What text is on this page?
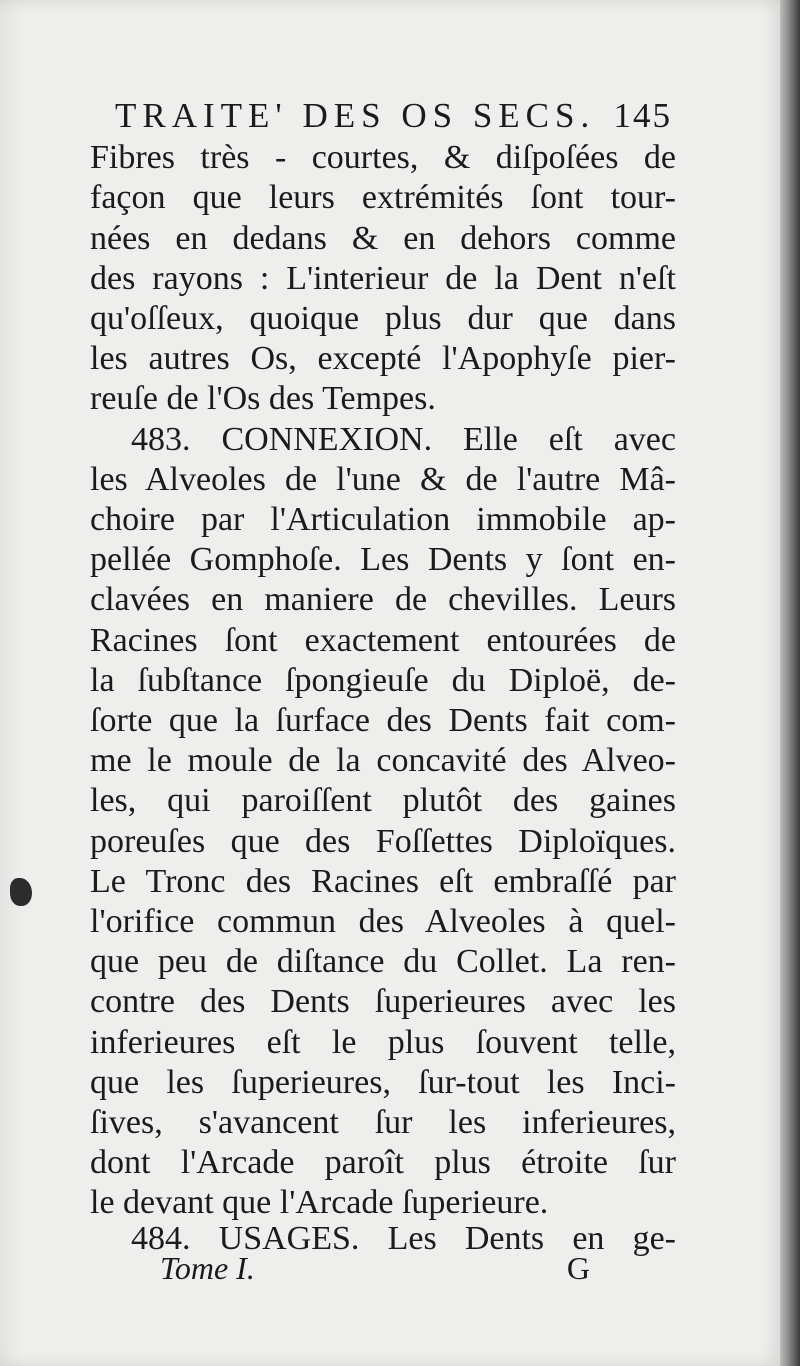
TRAITE' DES OS SECS. 145
Fibres très - courtes, & diſpoſées de
façon que leurs extrémités ſont tour-
nées en dedans & en dehors comme
des rayons : L'interieur de la Dent n'eſt
qu'oſſeux, quoique plus dur que dans
les autres Os, excepté l'Apophyſe pier-
reuſe de l'Os des Tempes.
483. CONNEXION. Elle eſt avec
les Alveoles de l'une & de l'autre Mâ-
choire par l'Articulation immobile ap-
pellée Gomphoſe. Les Dents y ſont en-
clavées en maniere de chevilles. Leurs
Racines ſont exactement entourées de
la ſubſtance ſpongieuſe du Diploë, de-
ſorte que la ſurface des Dents fait com-
me le moule de la concavité des Alveo-
les, qui paroiſſent plutôt des gaines
poreuſes que des Foſſettes Diploïques.
Le Tronc des Racines eſt embraſſé par
l'orifice commun des Alveoles à quel-
que peu de diſtance du Collet. La ren-
contre des Dents ſuperieures avec les
inferieures eſt le plus ſouvent telle,
que les ſuperieures, ſur-tout les Inci-
ſives, s'avancent ſur les inferieures,
dont l'Arcade paroît plus étroite ſur
le devant que l'Arcade ſuperieure.
484. USAGES. Les Dents en ge-
Tome I.	G
